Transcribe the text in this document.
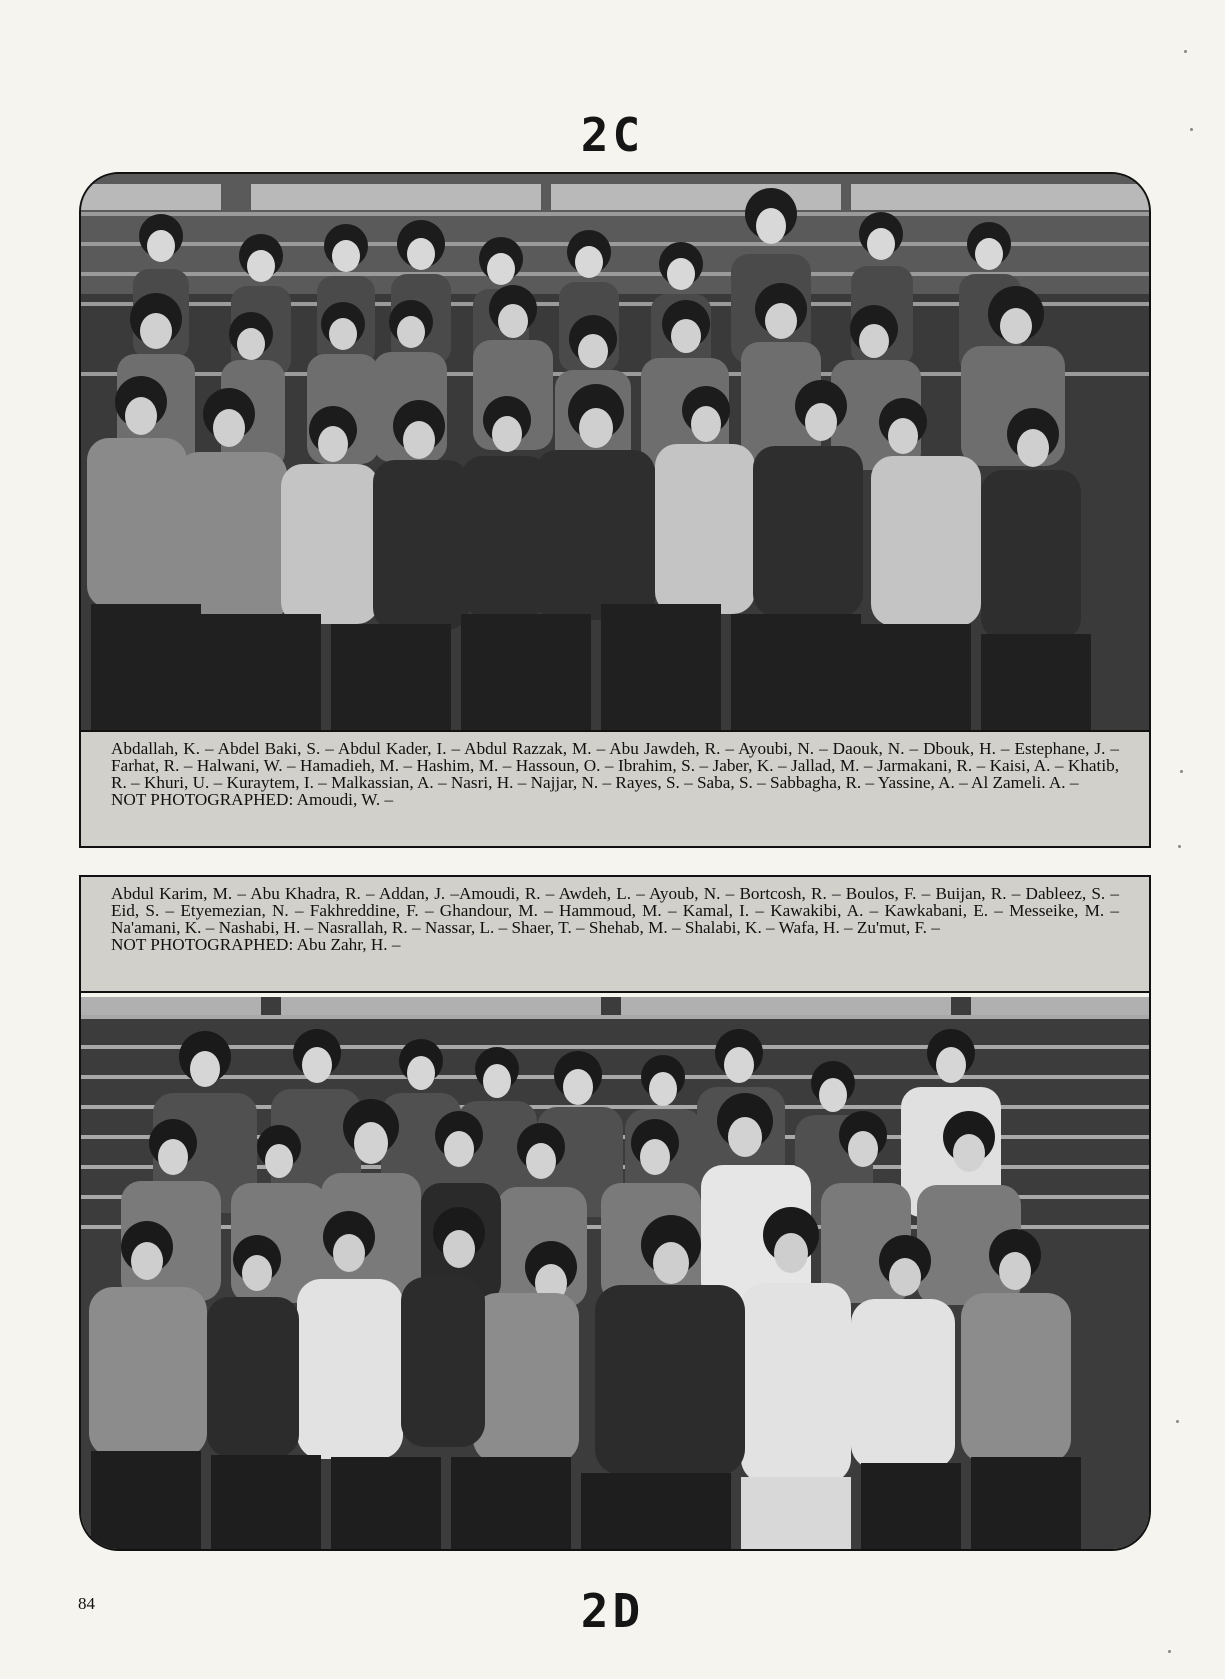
2C
Abdallah, K. – Abdel Baki, S. – Abdul Kader, I. – Abdul Razzak, M. – Abu Jawdeh, R. – Ayoubi, N. – Daouk, N. – Dbouk, H. – Estephane, J. – Farhat, R. – Halwani, W. – Hamadieh, M. – Hashim, M. – Hassoun, O. – Ibrahim, S. – Jaber, K. – Jallad, M. – Jarmakani, R. – Kaisi, A. – Khatib, R. – Khuri, U. – Kuraytem, I. – Malkassian, A. – Nasri, H. – Najjar, N. – Rayes, S. – Saba, S. – Sabbagha, R. – Yassine, A. – Al Zameli. A. –
NOT PHOTOGRAPHED: Amoudi, W. –
Abdul Karim, M. – Abu Khadra, R. – Addan, J. –Amoudi, R. – Awdeh, L. – Ayoub, N. – Bortcosh, R. – Boulos, F. – Buijan, R. – Dableez, S. – Eid, S. – Etyemezian, N. – Fakhreddine, F. – Ghandour, M. – Hammoud, M. – Kamal, I. – Kawakibi, A. – Kawkabani, E. – Messeike, M. – Na'amani, K. – Nashabi, H. – Nasrallah, R. – Nassar, L. – Shaer, T. – Shehab, M. – Shalabi, K. – Wafa, H. – Zu'mut, F. –
NOT PHOTOGRAPHED: Abu Zahr, H. –
2D
84
